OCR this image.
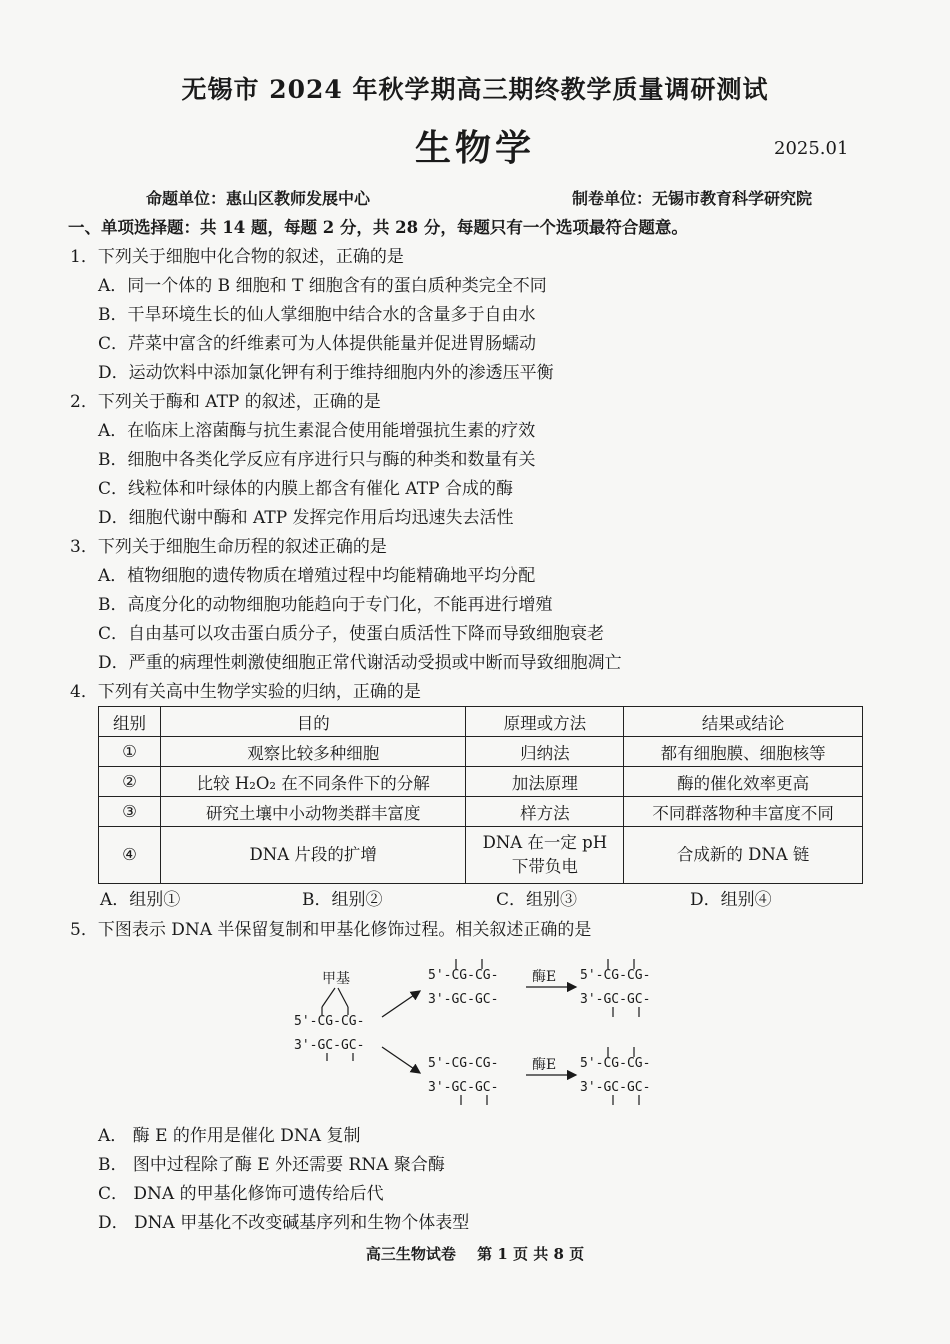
无锡市 2024 年秋学期高三期终教学质量调研测试
生物学	2025.01
命题单位：惠山区教师发展中心	制卷单位：无锡市教育科学研究院
一、单项选择题：共 14 题，每题 2 分，共 28 分，每题只有一个选项最符合题意。
1．下列关于细胞中化合物的叙述，正确的是
A．同一个体的 B 细胞和 T 细胞含有的蛋白质种类完全不同
B．干旱环境生长的仙人掌细胞中结合水的含量多于自由水
C．芹菜中富含的纤维素可为人体提供能量并促进胃肠蠕动
D．运动饮料中添加氯化钾有利于维持细胞内外的渗透压平衡
2．下列关于酶和 ATP 的叙述，正确的是
A．在临床上溶菌酶与抗生素混合使用能增强抗生素的疗效
B．细胞中各类化学反应有序进行只与酶的种类和数量有关
C．线粒体和叶绿体的内膜上都含有催化 ATP 合成的酶
D．细胞代谢中酶和 ATP 发挥完作用后均迅速失去活性
3．下列关于细胞生命历程的叙述正确的是
A．植物细胞的遗传物质在增殖过程中均能精确地平均分配
B．高度分化的动物细胞功能趋向于专门化，不能再进行增殖
C．自由基可以攻击蛋白质分子，使蛋白质活性下降而导致细胞衰老
D．严重的病理性刺激使细胞正常代谢活动受损或中断而导致细胞凋亡
4．下列有关高中生物学实验的归纳，正确的是
组别	目的	原理或方法	结果或结论
①	观察比较多种细胞	归纳法	都有细胞膜、细胞核等
②	比较 H₂O₂ 在不同条件下的分解	加法原理	酶的催化效率更高
③	研究土壤中小动物类群丰富度	样方法	不同群落物种丰富度不同
④	DNA 片段的扩增	DNA 在一定 pH 下带负电	合成新的 DNA 链
A．组别①	B．组别②	C．组别③	D．组别④
5．下图表示 DNA 半保留复制和甲基化修饰过程。相关叙述正确的是
甲基
5'-CG-CG-
3'-GC-GC-
5'-CG-CG-
3'-GC-GC-
酶E 5'-CG-CG-
3'-GC-GC-
5'-CG-CG-
3'-GC-GC-
酶E 5'-CG-CG-
3'-GC-GC-
A． 酶 E 的作用是催化 DNA 复制
B． 图中过程除了酶 E 外还需要 RNA 聚合酶
C． DNA 的甲基化修饰可遗传给后代
D． DNA 甲基化不改变碱基序列和生物个体表型
高三生物试卷 第 1 页 共 8 页
